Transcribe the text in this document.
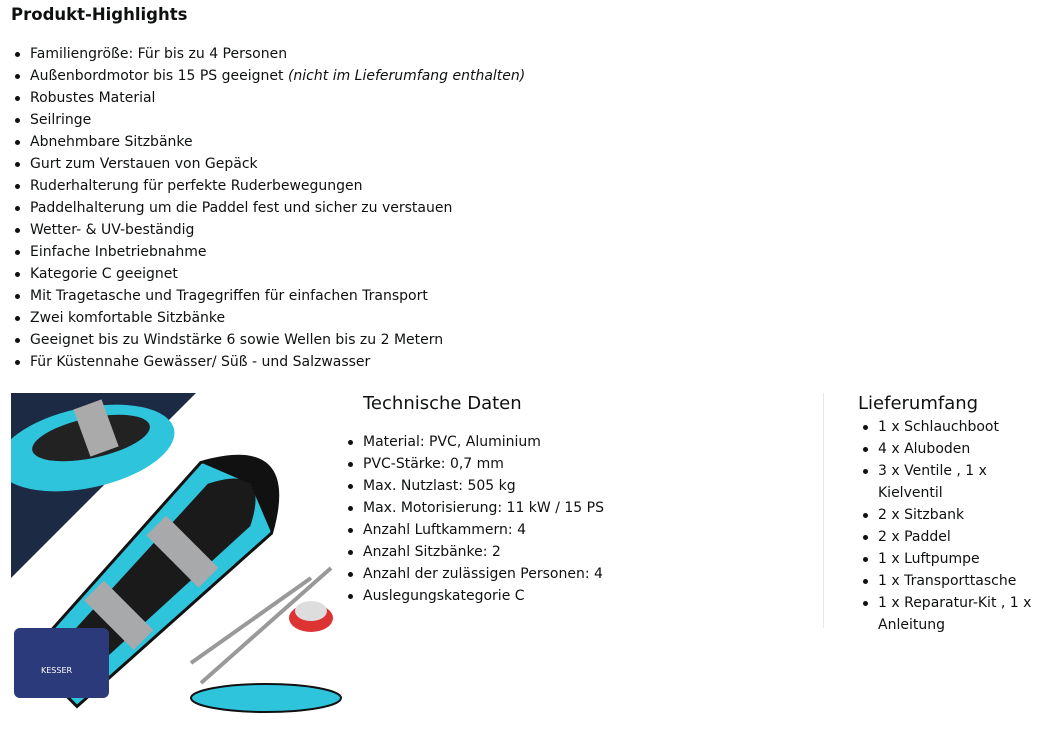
Produkt-Highlights
Familiengröße: Für bis zu 4 Personen
Außenbordmotor bis 15 PS geeignet (nicht im Lieferumfang enthalten)
Robustes Material
Seilringe
Abnehmbare Sitzbänke
Gurt zum Verstauen von Gepäck
Ruderhalterung für perfekte Ruderbewegungen
Paddelhalterung um die Paddel fest und sicher zu verstauen
Wetter- & UV-beständig
Einfache Inbetriebnahme
Kategorie C geeignet
Mit Tragetasche und Tragegriffen für einfachen Transport
Zwei komfortable Sitzbänke
Geeignet bis zu Windstärke 6 sowie Wellen bis zu 2 Metern
Für Küstennahe Gewässer/ Süß - und Salzwasser
KESSER
Technische Daten
Material: PVC, Aluminium
PVC-Stärke: 0,7 mm
Max. Nutzlast: 505 kg
Max. Motorisierung: 11 kW / 15 PS
Anzahl Luftkammern: 4
Anzahl Sitzbänke: 2
Anzahl der zulässigen Personen: 4
Auslegungskategorie C
Lieferumfang
1 x Schlauchboot
4 x Aluboden
3 x Ventile , 1 x Kielventil
2 x Sitzbank
2 x Paddel
1 x Luftpumpe
1 x Transporttasche
1 x Reparatur-Kit , 1 x Anleitung
